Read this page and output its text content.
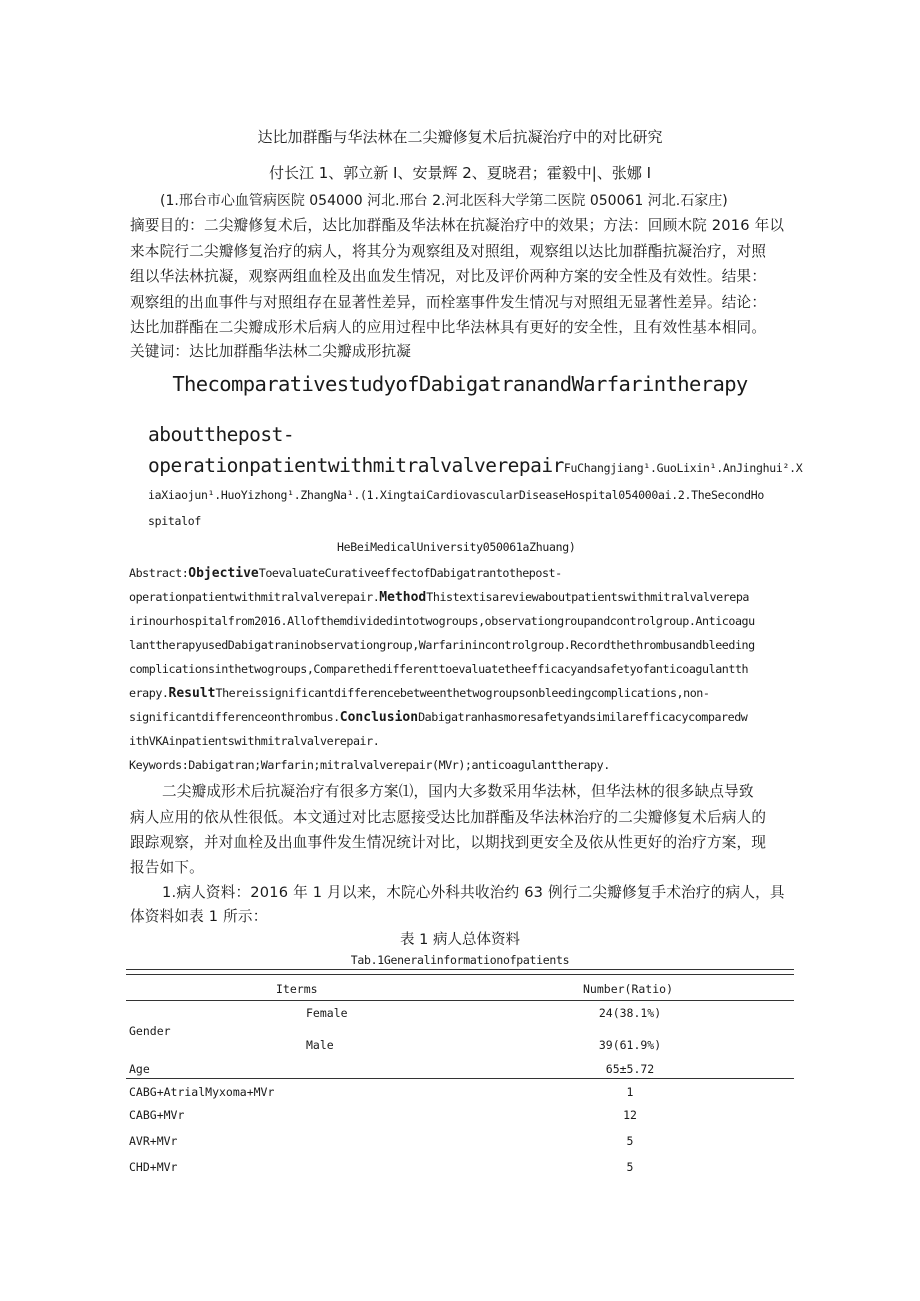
达比加群酯与华法林在二尖瓣修复术后抗凝治疗中的对比研究
付长江 1、郭立新 I、安景辉 2、夏晓君；霍毅中|、张娜 I
(1.邢台市心血管病医院 054000 河北.邢台 2.河北医科大学第二医院 050061 河北.石家庄)
摘要目的：二尖瓣修复术后，达比加群酯及华法林在抗凝治疗中的效果；方法：回顾木院 2016 年以
来本院行二尖瓣修复治疗的病人，将其分为观察组及对照组，观察组以达比加群酯抗凝治疗，对照
组以华法林抗凝，观察两组血栓及出血发生情况，对比及评价两种方案的安全性及有效性。结果：
观察组的出血事件与对照组存在显著性差异，而栓塞事件发生情况与对照组无显著性差异。结论：
达比加群酯在二尖瓣成形术后病人的应用过程中比华法林具有更好的安全性，且有效性基本相同。
关键词：达比加群酯华法林二尖瓣成形抗凝
ThecomparativestudyofDabigatranandWarfarintherapy
aboutthepost-
operationpatientwithmitralvalverepairFuChangjiang¹.GuoLixin¹.AnJinghui².X
iaXiaojun¹.HuoYizhong¹.ZhangNa¹.(1.XingtaiCardiovascularDiseaseHospital054000ai.2.TheSecondHo
spitalof
HeBeiMedicalUniversity050061aZhuang)
Abstract:ObjectiveToevaluateCurativeeffectofDabigatrantothepost-
operationpatientwithmitralvalverepair.MethodThistextisareviewaboutpatientswithmitralvalverepa
irinourhospitalfrom2016.Allofthemdividedintotwogroups,observationgroupandcontrolgroup.Anticoagu
lanttherapyusedDabigatraninobservationgroup,Warfarinincontrolgroup.Recordthethrombusandbleeding
complicationsinthetwogroups,Comparethedifferenttoevaluatetheefficacyandsafetyofanticoagulantth
erapy.ResultThereissignificantdifferencebetweenthetwogroupsonbleedingcomplications,non-
significantdifferenceonthrombus.ConclusionDabigatranhasmoresafetyandsimilarefficacycomparedw
ithVKAinpatientswithmitralvalverepair.
Keywords:Dabigatran;Warfarin;mitralvalverepair(MVr);anticoagulanttherapy.
二尖瓣成形术后抗凝治疗有很多方案⑴，国内大多数采用华法林，但华法林的很多缺点导致
病人应用的依从性很低。本文通过对比志愿接受达比加群酯及华法林治疗的二尖瓣修复术后病人的
跟踪观察，并对血栓及出血事件发生情况统计对比，以期找到更安全及依从性更好的治疗方案，现
报告如下。
1.病人资料：2016 年 1 月以来，木院心外科共收治约 63 例行二尖瓣修复手术治疗的病人，具
体资料如表 1 所示：
表 1 病人总体资料
Tab.1Generalinformationofpatients
Iterms	Number(Ratio)
Female	24(38.1%)
Gender
Male	39(61.9%)
Age	65±5.72
CABG+AtrialMyxoma+MVr	1
CABG+MVr	12
AVR+MVr	5
CHD+MVr	5
